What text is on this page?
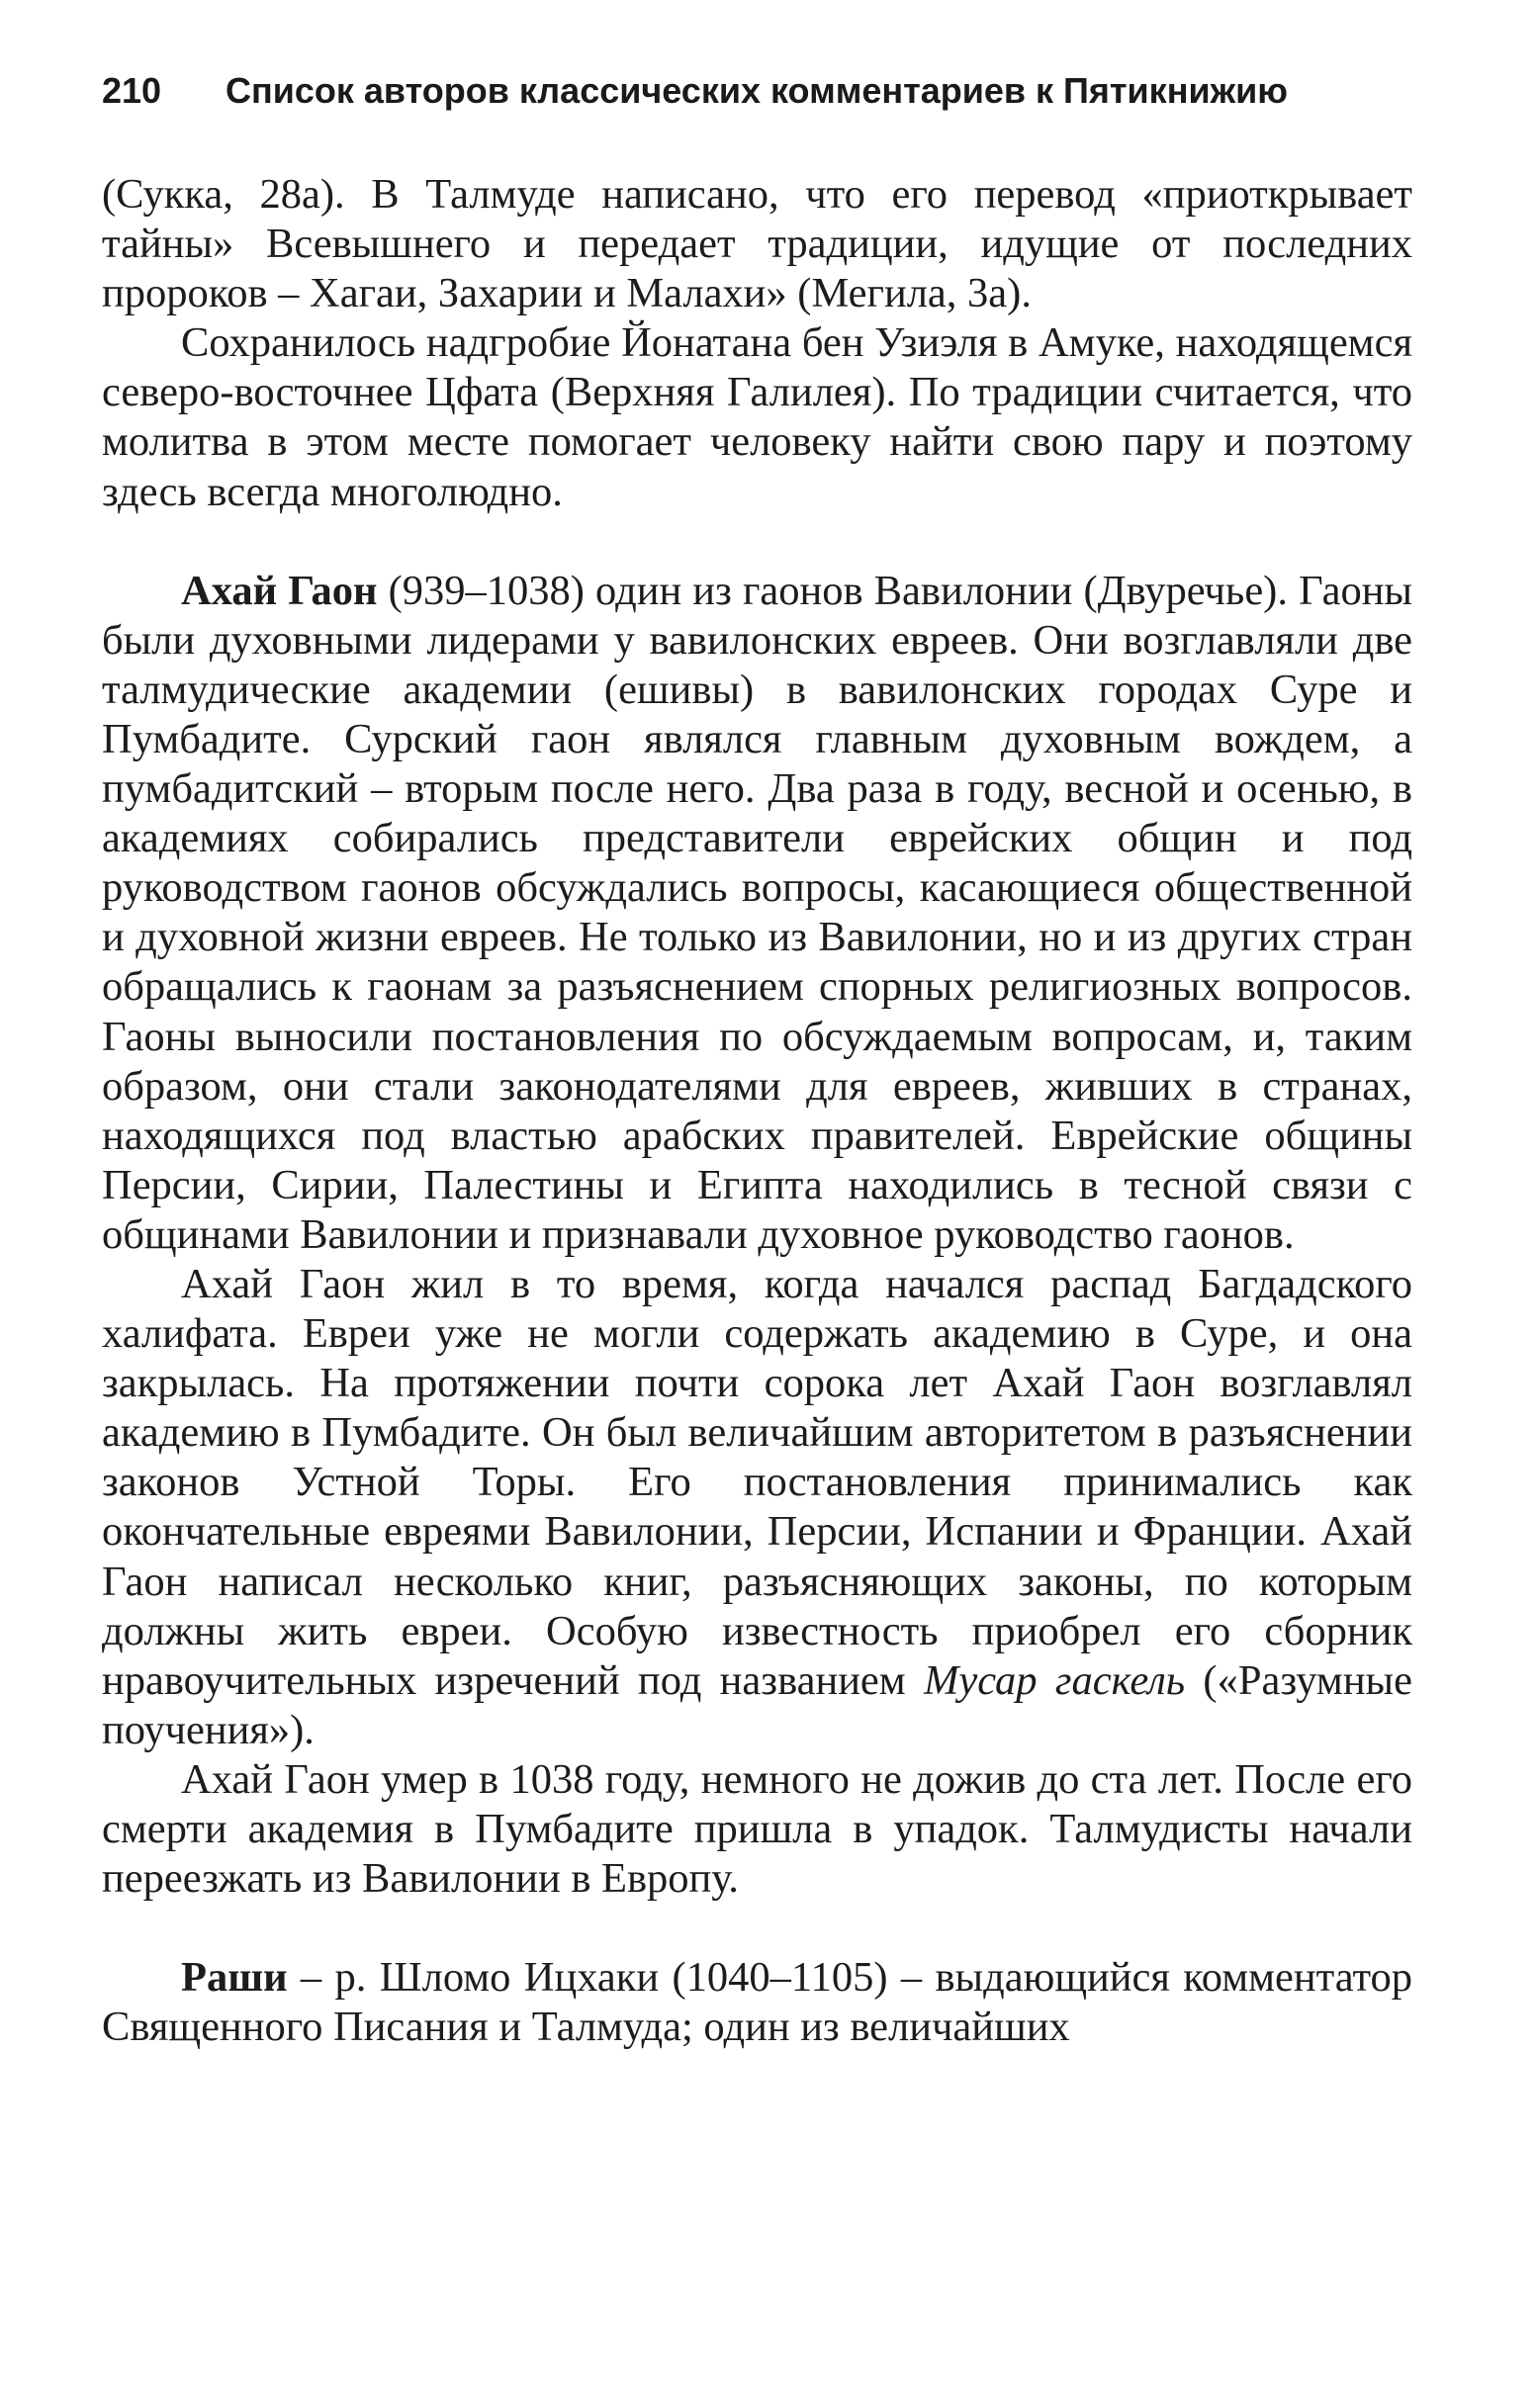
210 Список авторов классических комментариев к Пятикнижию

(Сукка, 28а). В Талмуде написано, что его перевод «приоткрывает тайны» Всевышнего и передает традиции, идущие от последних пророков – Хагаи, Захарии и Малахи» (Мегила, 3а).

Сохранилось надгробие Йонатана бен Узиэля в Амуке, находящемся северо-восточнее Цфата (Верхняя Галилея). По традиции считается, что молитва в этом месте помогает человеку найти свою пару и поэтому здесь всегда многолюдно.

Ахай Гаон (939–1038) один из гаонов Вавилонии (Двуречье). Гаоны были духовными лидерами у вавилонских евреев. Они возглавляли две талмудические академии (ешивы) в вавилонских городах Суре и Пумбадите. Сурский гаон являлся главным духовным вождем, а пумбадитский – вторым после него. Два раза в году, весной и осенью, в академиях собирались представители еврейских общин и под руководством гаонов обсуждались вопросы, касающиеся общественной и духовной жизни евреев. Не только из Вавилонии, но и из других стран обращались к гаонам за разъяснением спорных религиозных вопросов. Гаоны выносили постановления по обсуждаемым вопросам, и, таким образом, они стали законодателями для евреев, живших в странах, находящихся под властью арабских правителей. Еврейские общины Персии, Сирии, Палестины и Египта находились в тесной связи с общинами Вавилонии и признавали духовное руководство гаонов.

Ахай Гаон жил в то время, когда начался распад Багдадского халифата. Евреи уже не могли содержать академию в Суре, и она закрылась. На протяжении почти сорока лет Ахай Гаон возглавлял академию в Пумбадите. Он был величайшим авторитетом в разъяснении законов Устной Торы. Его постановления принимались как окончательные евреями Вавилонии, Персии, Испании и Франции. Ахай Гаон написал несколько книг, разъясняющих законы, по которым должны жить евреи. Особую известность приобрел его сборник нравоучительных изречений под названием Мусар гаскель («Разумные поучения»).

Ахай Гаон умер в 1038 году, немного не дожив до ста лет. После его смерти академия в Пумбадите пришла в упадок. Талмудисты начали переезжать из Вавилонии в Европу.

Раши – р. Шломо Ицхаки (1040–1105) – выдающийся комментатор Священного Писания и Талмуда; один из величайших
